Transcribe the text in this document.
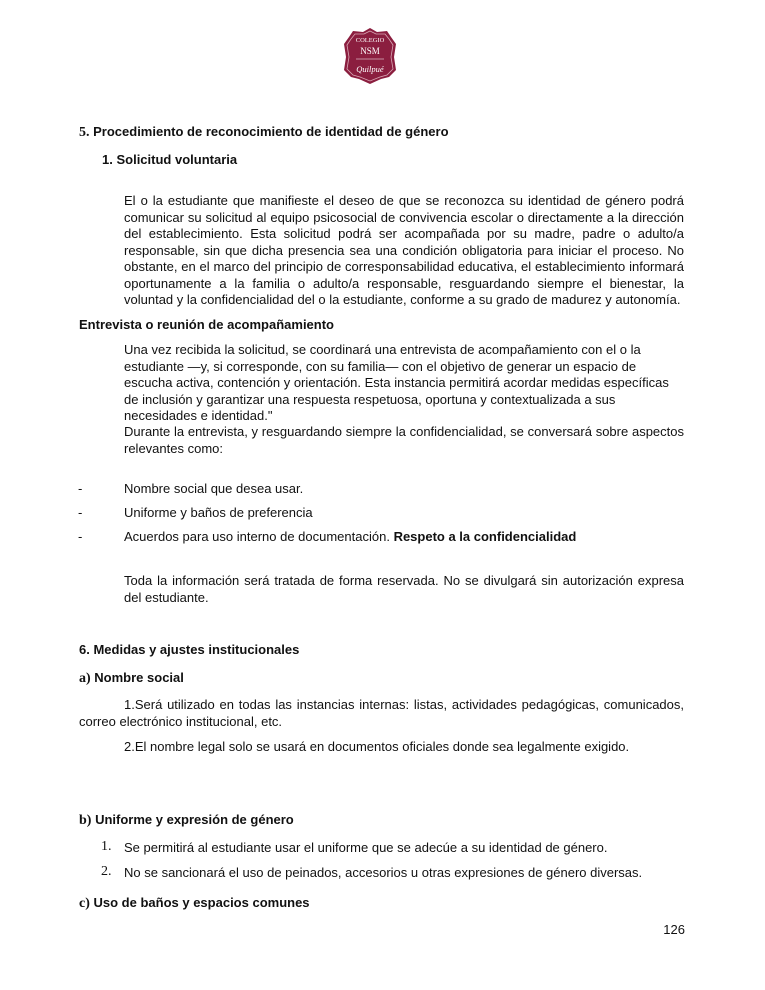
COLEGIO
NSM
Quilpué
5. Procedimiento de reconocimiento de identidad de género
1. Solicitud voluntaria
El o la estudiante que manifieste el deseo de que se reconozca su identidad de género podrá comunicar su solicitud al equipo psicosocial de convivencia escolar o directamente a la dirección del establecimiento. Esta solicitud podrá ser acompañada por su madre, padre o adulto/a responsable, sin que dicha presencia sea una condición obligatoria para iniciar el proceso. No obstante, en el marco del principio de corresponsabilidad educativa, el establecimiento informará oportunamente a la familia o adulto/a responsable, resguardando siempre el bienestar, la voluntad y la confidencialidad del o la estudiante, conforme a su grado de madurez y autonomía.
Entrevista o reunión de acompañamiento
Una vez recibida la solicitud, se coordinará una entrevista de acompañamiento con el o la estudiante —y, si corresponde, con su familia— con el objetivo de generar un espacio de escucha activa, contención y orientación. Esta instancia permitirá acordar medidas específicas de inclusión y garantizar una respuesta respetuosa, oportuna y contextualizada a sus necesidades e identidad."
Durante la entrevista, y resguardando siempre la confidencialidad, se conversará sobre aspectos relevantes como:
-	Nombre social que desea usar.
-	Uniforme y baños de preferencia
-	Acuerdos para uso interno de documentación. Respeto a la confidencialidad
Toda la información será tratada de forma reservada. No se divulgará sin autorización expresa del estudiante.
6. Medidas y ajustes institucionales
a) Nombre social
1.Será utilizado en todas las instancias internas: listas, actividades pedagógicas, comunicados, correo electrónico institucional, etc.
2.El nombre legal solo se usará en documentos oficiales donde sea legalmente exigido.
b) Uniforme y expresión de género
1. Se permitirá al estudiante usar el uniforme que se adecúe a su identidad de género.
2. No se sancionará el uso de peinados, accesorios u otras expresiones de género diversas.
c) Uso de baños y espacios comunes
126
